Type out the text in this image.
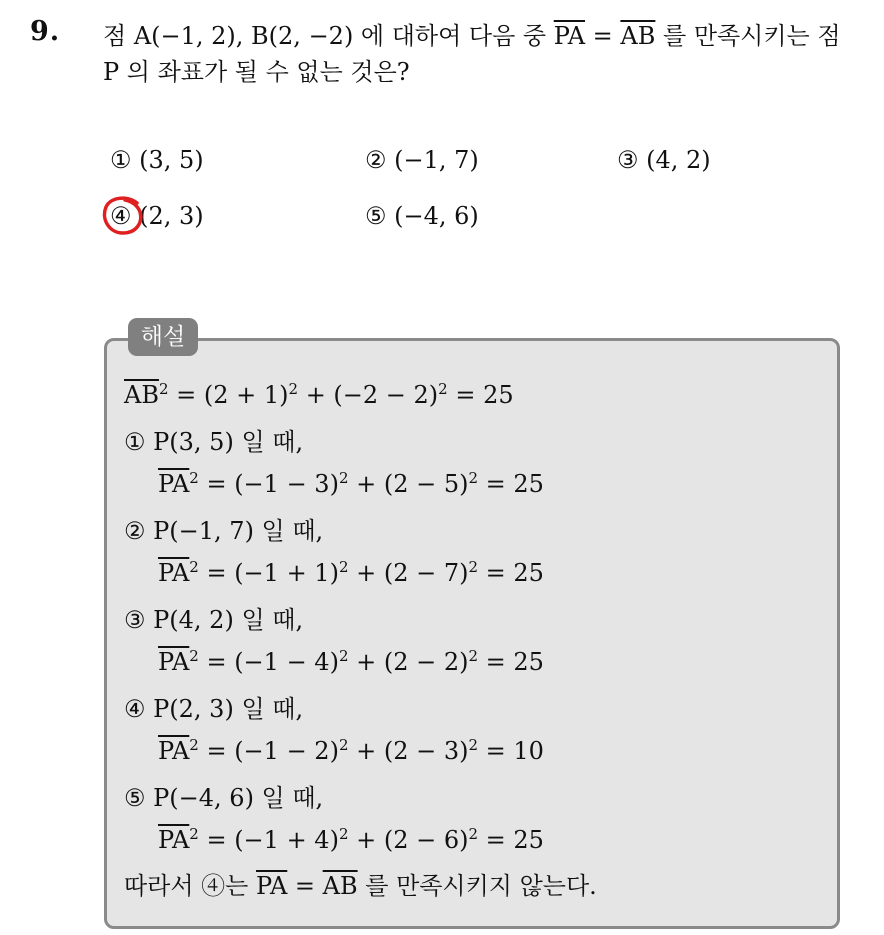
9. 점 A(−1, 2), B(2, −2) 에 대하여 다음 중 $\overline{PA} = \overline{AB}$ 를 만족시키는 점
P 의 좌표가 될 수 없는 것은?
① (3, 5)	② (−1, 7)	③ (4, 2)
④ (2, 3)	⑤ (−4, 6)
해설
$\overline{AB}^2 = (2 + 1)^2 + (-2 - 2)^2 = 25$
① P(3, 5) 일 때,
$\overline{PA}^2 = (-1 - 3)^2 + (2 - 5)^2 = 25$
② P(−1, 7) 일 때,
$\overline{PA}^2 = (-1 + 1)^2 + (2 - 7)^2 = 25$
③ P(4, 2) 일 때,
$\overline{PA}^2 = (-1 - 4)^2 + (2 - 2)^2 = 25$
④ P(2, 3) 일 때,
$\overline{PA}^2 = (-1 - 2)^2 + (2 - 3)^2 = 10$
⑤ P(−4, 6) 일 때,
$\overline{PA}^2 = (-1 + 4)^2 + (2 - 6)^2 = 25$
따라서 ④는 $\overline{PA} = \overline{AB}$ 를 만족시키지 않는다.
